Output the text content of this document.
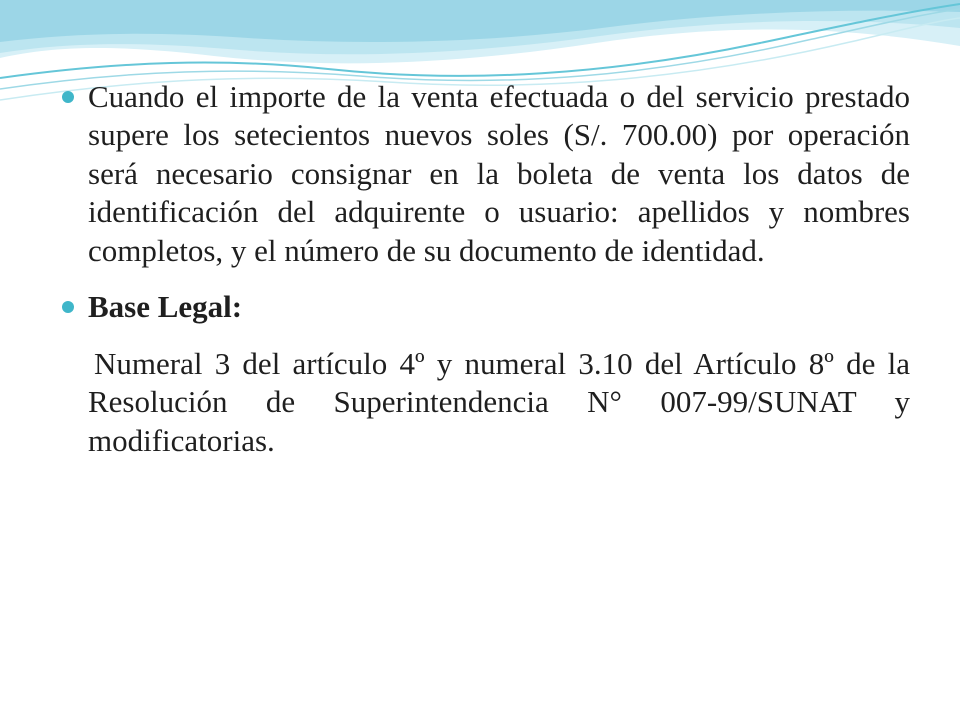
Cuando el importe de la venta efectuada o del servicio prestado supere los setecientos nuevos soles (S/. 700.00) por operación será necesario consignar en la boleta de venta los datos de identificación del adquirente o usuario: apellidos y nombres completos, y el número de su documento de identidad.
Base Legal:
Numeral 3 del artículo 4º y numeral 3.10 del Artículo 8º de la Resolución de Superintendencia N° 007-99/SUNAT y modificatorias.
